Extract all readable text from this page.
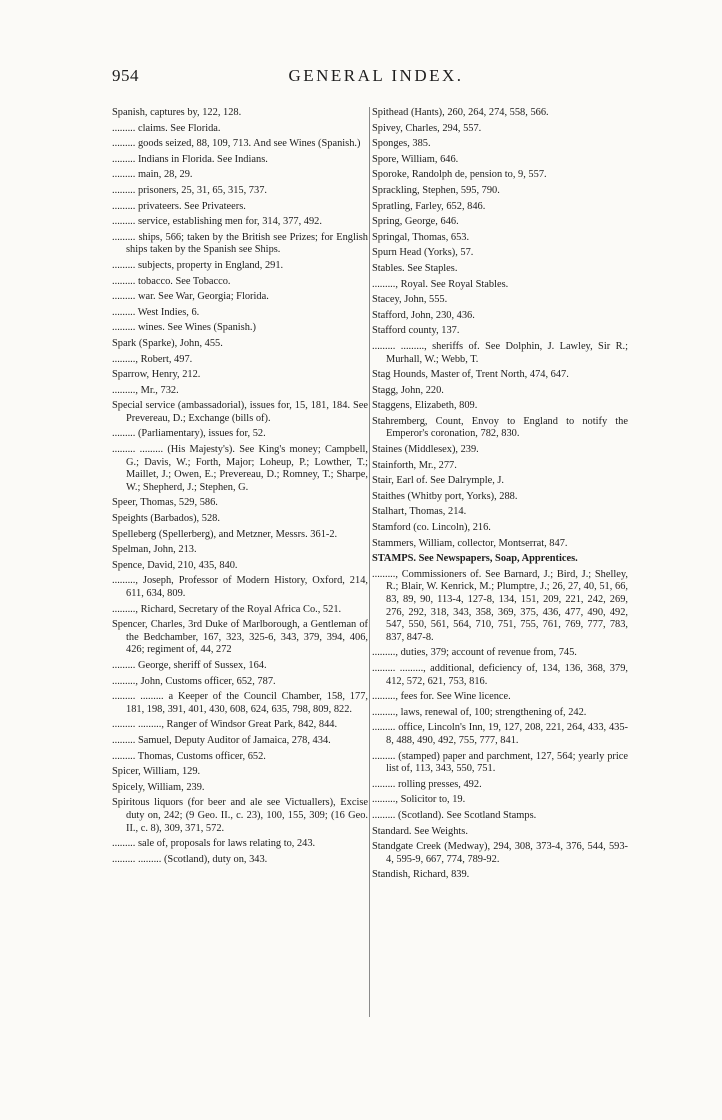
954	GENERAL INDEX.

Spanish, captures by, 122, 128.

......... claims. See Florida.

......... goods seized, 88, 109, 713. And see Wines (Spanish.)

......... Indians in Florida. See Indians.

......... main, 28, 29.

......... prisoners, 25, 31, 65, 315, 737.

......... privateers. See Privateers.

......... service, establishing men for, 314, 377, 492.

......... ships, 566; taken by the British see Prizes; for English ships taken by the Spanish see Ships.

......... subjects, property in England, 291.

......... tobacco. See Tobacco.

......... war. See War, Georgia; Florida.

......... West Indies, 6.

......... wines. See Wines (Spanish.)

Spark (Sparke), John, 455.

........., Robert, 497.

Sparrow, Henry, 212.

........., Mr., 732.

Special service (ambassadorial), issues for, 15, 181, 184. See Prevereau, D.; Exchange (bills of).

......... (Parliamentary), issues for, 52.

......... ......... (His Majesty's). See King's money; Campbell, G.; Davis, W.; Forth, Major; Loheup, P.; Lowther, T.; Maillet, J.; Owen, E.; Prevereau, D.; Romney, T.; Sharpe, W.; Shepherd, J.; Stephen, G.

Speer, Thomas, 529, 586.

Speights (Barbados), 528.

Spelleberg (Spellerberg), and Metzner, Messrs. 361-2.

Spelman, John, 213.

Spence, David, 210, 435, 840.

........., Joseph, Professor of Modern History, Oxford, 214, 611, 634, 809.

........., Richard, Secretary of the Royal Africa Co., 521.

Spencer, Charles, 3rd Duke of Marlborough, a Gentleman of the Bedchamber, 167, 323, 325-6, 343, 379, 394, 406, 426; regiment of, 44, 272

......... George, sheriff of Sussex, 164.

........., John, Customs officer, 652, 787.

......... ......... a Keeper of the Council Chamber, 158, 177, 181, 198, 391, 401, 430, 608, 624, 635, 798, 809, 822.

......... ........., Ranger of Windsor Great Park, 842, 844.

......... Samuel, Deputy Auditor of Jamaica, 278, 434.

......... Thomas, Customs officer, 652.

Spicer, William, 129.

Spicely, William, 239.

Spiritous liquors (for beer and ale see Victuallers), Excise duty on, 242; (9 Geo. II., c. 23), 100, 155, 309; (16 Geo. II., c. 8), 309, 371, 572.

......... sale of, proposals for laws relating to, 243.

......... ......... (Scotland), duty on, 343.

Spithead (Hants), 260, 264, 274, 558, 566.

Spivey, Charles, 294, 557.

Sponges, 385.

Spore, William, 646.

Sporoke, Randolph de, pension to, 9, 557.

Sprackling, Stephen, 595, 790.

Spratling, Farley, 652, 846.

Spring, George, 646.

Springal, Thomas, 653.

Spurn Head (Yorks), 57.

Stables. See Staples.

........., Royal. See Royal Stables.

Stacey, John, 555.

Stafford, John, 230, 436.

Stafford county, 137.

......... ........., sheriffs of. See Dolphin, J. Lawley, Sir R.; Murhall, W.; Webb, T.

Stag Hounds, Master of, Trent North, 474, 647.

Stagg, John, 220.

Staggens, Elizabeth, 809.

Stahremberg, Count, Envoy to England to notify the Emperor's coronation, 782, 830.

Staines (Middlesex), 239.

Stainforth, Mr., 277.

Stair, Earl of. See Dalrymple, J.

Staithes (Whitby port, Yorks), 288.

Stalhart, Thomas, 214.

Stamford (co. Lincoln), 216.

Stammers, William, collector, Montserrat, 847.

STAMPS. See Newspapers, Soap, Apprentices.

........., Commissioners of. See Barnard, J.; Bird, J.; Shelley, R.; Blair, W. Kenrick, M.; Plumptre, J.; 26, 27, 40, 51, 66, 83, 89, 90, 113-4, 127-8, 134, 151, 209, 221, 242, 269, 276, 292, 318, 343, 358, 369, 375, 436, 477, 490, 492, 547, 550, 561, 564, 710, 751, 755, 761, 769, 777, 783, 837, 847-8.

........., duties, 379; account of revenue from, 745.

......... ........., additional, deficiency of, 134, 136, 368, 379, 412, 572, 621, 753, 816.

........., fees for. See Wine licence.

........., laws, renewal of, 100; strengthening of, 242.

......... office, Lincoln's Inn, 19, 127, 208, 221, 264, 433, 435-8, 488, 490, 492, 755, 777, 841.

......... (stamped) paper and parchment, 127, 564; yearly price list of, 113, 343, 550, 751.

......... rolling presses, 492.

........., Solicitor to, 19.

......... (Scotland). See Scotland Stamps.

Standard. See Weights.

Standgate Creek (Medway), 294, 308, 373-4, 376, 544, 593-4, 595-9, 667, 774, 789-92.

Standish, Richard, 839.
